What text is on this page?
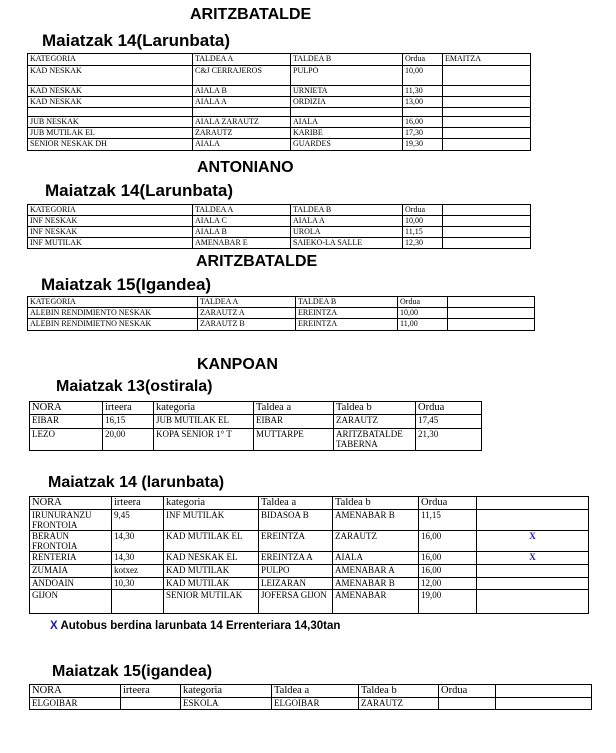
ARITZBATALDE
Maiatzak 14(Larunbata)
KATEGORIA	TALDEA A	TALDEA B	Ordua	EMAITZA
KAD NESKAK	C&J CERRAJEROS	PULPO	10,00	
KAD NESKAK	AIALA B	URNIETA	11,30	
KAD NESKAK	AIALA A	ORDIZIA	13,00	

JUB NESKAK	AIALA ZARAUTZ	AIALA	16,00	
JUB MUTILAK EL	ZARAUTZ	KARIBE	17,30	
SENIOR NESKAK DH	AIALA	GUARDES	19,30	
ANTONIANO
Maiatzak 14(Larunbata)
KATEGORIA	TALDEA A	TALDEA B	Ordua	
INF NESKAK	AIALA C	AIALA A	10,00	
INF NESKAK	AIALA B	UROLA	11,15	
INF MUTILAK	AMENABAR E	SAIEKO-LA SALLE	12,30	
ARITZBATALDE
Maiatzak 15(Igandea)
KATEGORIA	TALDEA A	TALDEA B	Ordua	
ALEBIN RENDIMIENTO NESKAK	ZARAUTZ A	EREINTZA	10,00	
ALEBIN RENDIMIETNO NESKAK	ZARAUTZ B	EREINTZA	11,00	
KANPOAN
Maiatzak 13(ostirala)
NORA	irteera	kategoria	Taldea a	Taldea b	Ordua
EIBAR	16,15	JUB MUTILAK EL	EIBAR	ZARAUTZ	17,45
LEZO	20,00	KOPA SENIOR 1° T	MUTTARPE	ARITZBATALDE TABERNA	21,30
Maiatzak 14 (larunbata)
NORA	irteera	kategoria	Taldea a	Taldea b	Ordua	
IRUNURANZU FRONTOIA	9,45	INF MUTILAK	BIDASOA B	AMENABAR B	11,15	
BERAUN FRONTOIA	14,30	KAD MUTILAK EL	EREINTZA	ZARAUTZ	16,00	X
RENTERIA	14,30	KAD NESKAK EL	EREINTZA A	AIALA	16,00	X
ZUMAIA	kotxez	KAD MUTILAK	PULPO	AMENABAR A	16,00	
ANDOAIN	10,30	KAD MUTILAK	LEIZARAN	AMENABAR B	12,00	
GIJON		SENIOR MUTILAK	JOFERSA GIJON	AMENABAR	19,00	
X Autobus berdina larunbata 14 Errenteriara 14,30tan
Maiatzak 15(igandea)
NORA	irteera	kategoria	Taldea a	Taldea b	Ordua	
ELGOIBAR		ESKOLA	ELGOIBAR	ZARAUTZ		
